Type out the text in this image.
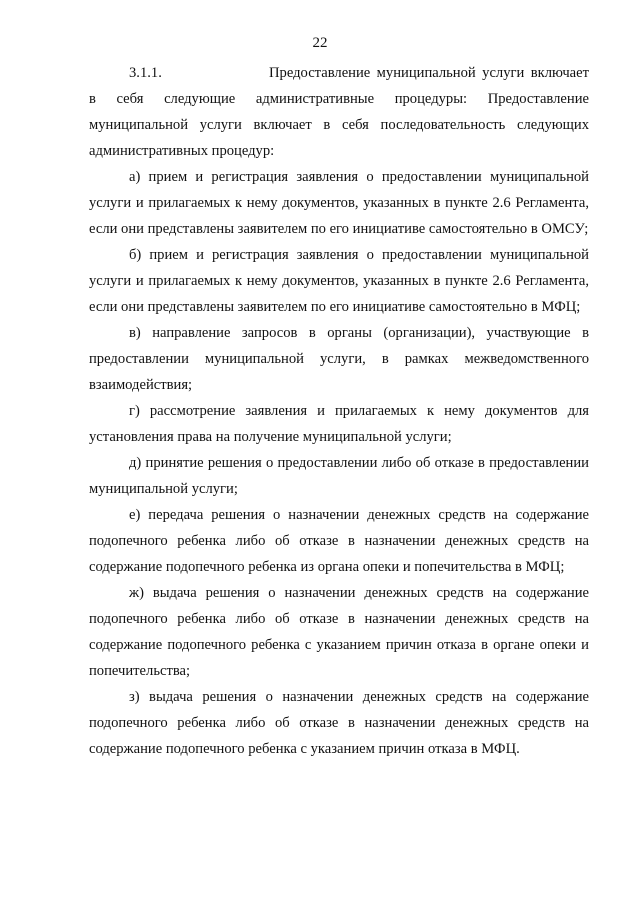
22

3.1.1.	Предоставление муниципальной услуги включает в себя следующие административные процедуры: Предоставление муниципальной услуги включает в себя последовательность следующих административных процедур:

а) прием и регистрация заявления о предоставлении муниципальной услуги и прилагаемых к нему документов, указанных в пункте 2.6 Регламента, если они представлены заявителем по его инициативе самостоятельно в ОМСУ;

б) прием и регистрация заявления о предоставлении муниципальной услуги и прилагаемых к нему документов, указанных в пункте 2.6 Регламента, если они представлены заявителем по его инициативе самостоятельно в МФЦ;

в) направление запросов в органы (организации), участвующие в предоставлении муниципальной услуги, в рамках межведомственного взаимодействия;

г) рассмотрение заявления и прилагаемых к нему документов для установления права на получение муниципальной услуги;

д) принятие решения о предоставлении либо об отказе в предоставлении муниципальной услуги;

е) передача решения о назначении денежных средств на содержание подопечного ребенка либо об отказе в назначении денежных средств на содержание подопечного ребенка из органа опеки и попечительства в МФЦ;

ж) выдача решения о назначении денежных средств на содержание подопечного ребенка либо об отказе в назначении денежных средств на содержание подопечного ребенка с указанием причин отказа в органе опеки и попечительства;

з) выдача решения о назначении денежных средств на содержание подопечного ребенка либо об отказе в назначении денежных средств на содержание подопечного ребенка с указанием причин отказа в МФЦ.
